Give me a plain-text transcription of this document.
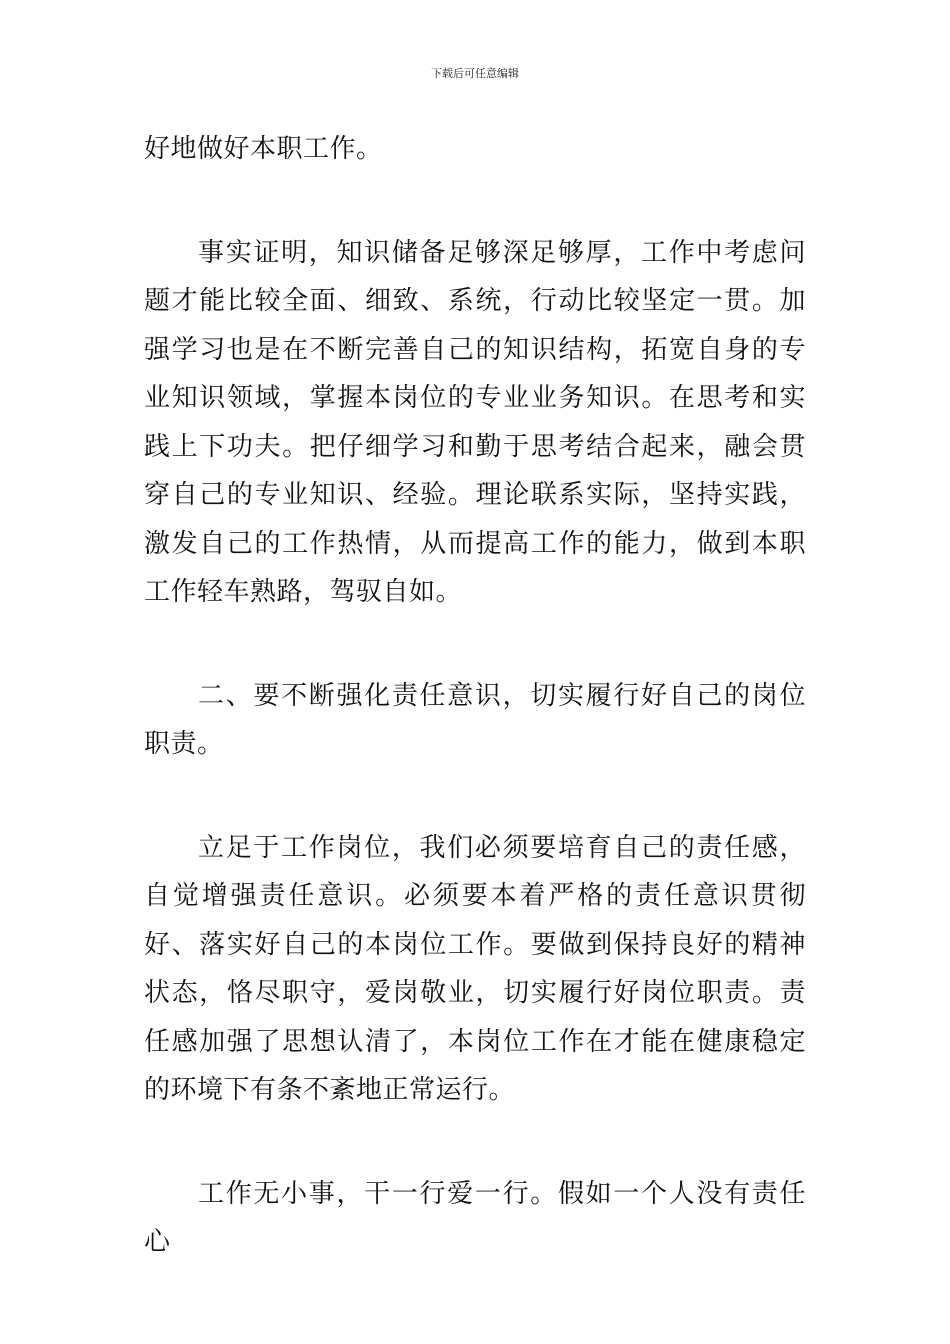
下载后可任意编辑

好地做好本职工作。

事实证明，知识储备足够深足够厚，工作中考虑问题才能比较全面、细致、系统，行动比较坚定一贯。加强学习也是在不断完善自己的知识结构，拓宽自身的专业知识领域，掌握本岗位的专业业务知识。在思考和实践上下功夫。把仔细学习和勤于思考结合起来，融会贯穿自己的专业知识、经验。理论联系实际，坚持实践，激发自己的工作热情，从而提高工作的能力，做到本职工作轻车熟路，驾驭自如。

二、要不断强化责任意识，切实履行好自己的岗位职责。

立足于工作岗位，我们必须要培育自己的责任感，自觉增强责任意识。必须要本着严格的责任意识贯彻好、落实好自己的本岗位工作。要做到保持良好的精神状态，恪尽职守，爱岗敬业，切实履行好岗位职责。责任感加强了思想认清了，本岗位工作在才能在健康稳定的环境下有条不紊地正常运行。

工作无小事，干一行爱一行。假如一个人没有责任心
